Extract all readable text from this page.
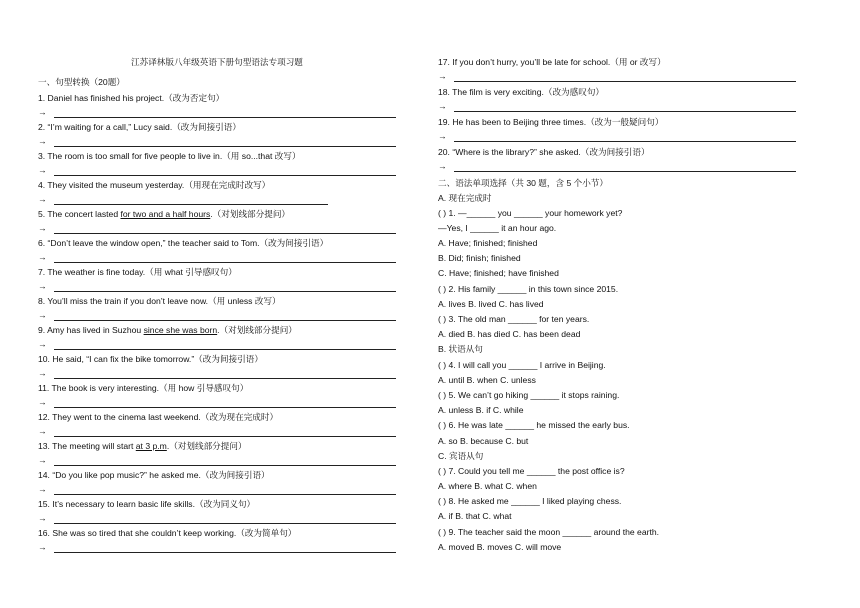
江苏译林版八年级英语下册句型语法专项习题
一、句型转换（20题）
1. Daniel has finished his project.（改为否定句）
→
2. “I’m waiting for a call,” Lucy said.（改为间接引语）
→
3. The room is too small for five people to live in.（用 so...that 改写）
→
4. They visited the museum yesterday.（用现在完成时改写）
→
5. The concert lasted for two and a half hours.（对划线部分提问）
→
6. “Don’t leave the window open,” the teacher said to Tom.（改为间接引语）
→
7. The weather is fine today.（用 what 引导感叹句）
→
8. You’ll miss the train if you don’t leave now.（用 unless 改写）
→
9. Amy has lived in Suzhou since she was born.（对划线部分提问）
→
10. He said, “I can fix the bike tomorrow.”（改为间接引语）
→
11. The book is very interesting.（用 how 引导感叹句）
→
12. They went to the cinema last weekend.（改为现在完成时）
→
13. The meeting will start at 3 p.m.（对划线部分提问）
→
14. “Do you like pop music?” he asked me.（改为间接引语）
→
15. It’s necessary to learn basic life skills.（改为同义句）
→
16. She was so tired that she couldn’t keep working.（改为简单句）
→
17. If you don’t hurry, you’ll be late for school.（用 or 改写）
→
18. The film is very exciting.（改为感叹句）
→
19. He has been to Beijing three times.（改为一般疑问句）
→
20. “Where is the library?” she asked.（改为间接引语）
→
二、语法单项选择（共 30 题，含 5 个小节）
A. 现在完成时
( ) 1. —______ you ______ your homework yet?
—Yes, I ______ it an hour ago.
A. Have; finished; finished
B. Did; finish; finished
C. Have; finished; have finished
( ) 2. His family ______ in this town since 2015.
A. lives B. lived C. has lived
( ) 3. The old man ______ for ten years.
A. died B. has died C. has been dead
B. 状语从句
( ) 4. I will call you ______ I arrive in Beijing.
A. until B. when C. unless
( ) 5. We can’t go hiking ______ it stops raining.
A. unless B. if C. while
( ) 6. He was late ______ he missed the early bus.
A. so B. because C. but
C. 宾语从句
( ) 7. Could you tell me ______ the post office is?
A. where B. what C. when
( ) 8. He asked me ______ I liked playing chess.
A. if B. that C. what
( ) 9. The teacher said the moon ______ around the earth.
A. moved B. moves C. will move
